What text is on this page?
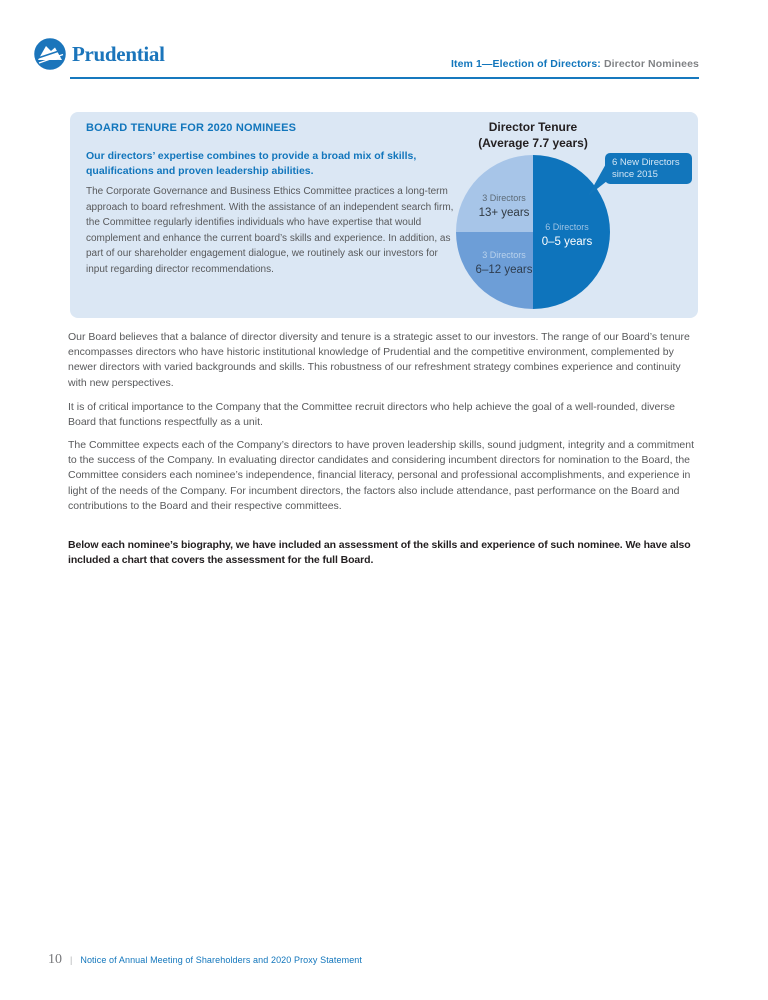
Prudential	Item 1—Election of Directors: Director Nominees
BOARD TENURE FOR 2020 NOMINEES
Our directors’ expertise combines to provide a broad mix of skills, qualifications and proven leadership abilities.

The Corporate Governance and Business Ethics Committee practices a long-term approach to board refreshment. With the assistance of an independent search firm, the Committee regularly identifies individuals who have expertise that would complement and enhance the current board’s skills and experience. In addition, as part of our shareholder engagement dialogue, we routinely ask our investors for input regarding director recommendations.

Director Tenure
(Average 7.7 years)
3 Directors
13+ years
3 Directors
6–12 years
6 Directors
0–5 years
6 New Directors
since 2015

Our Board believes that a balance of director diversity and tenure is a strategic asset to our investors. The range of our Board’s tenure encompasses directors who have historic institutional knowledge of Prudential and the competitive environment, complemented by newer directors with varied backgrounds and skills. This robustness of our refreshment strategy combines experience and continuity with new perspectives.

It is of critical importance to the Company that the Committee recruit directors who help achieve the goal of a well-rounded, diverse Board that functions respectfully as a unit.

The Committee expects each of the Company’s directors to have proven leadership skills, sound judgment, integrity and a commitment to the success of the Company. In evaluating director candidates and considering incumbent directors for nomination to the Board, the Committee considers each nominee’s independence, financial literacy, personal and professional accomplishments, and experience in light of the needs of the Company. For incumbent directors, the factors also include attendance, past performance on the Board and contributions to the Board and their respective committees.

Below each nominee’s biography, we have included an assessment of the skills and experience of such nominee. We have also included a chart that covers the assessment for the full Board.

10 | Notice of Annual Meeting of Shareholders and 2020 Proxy Statement
